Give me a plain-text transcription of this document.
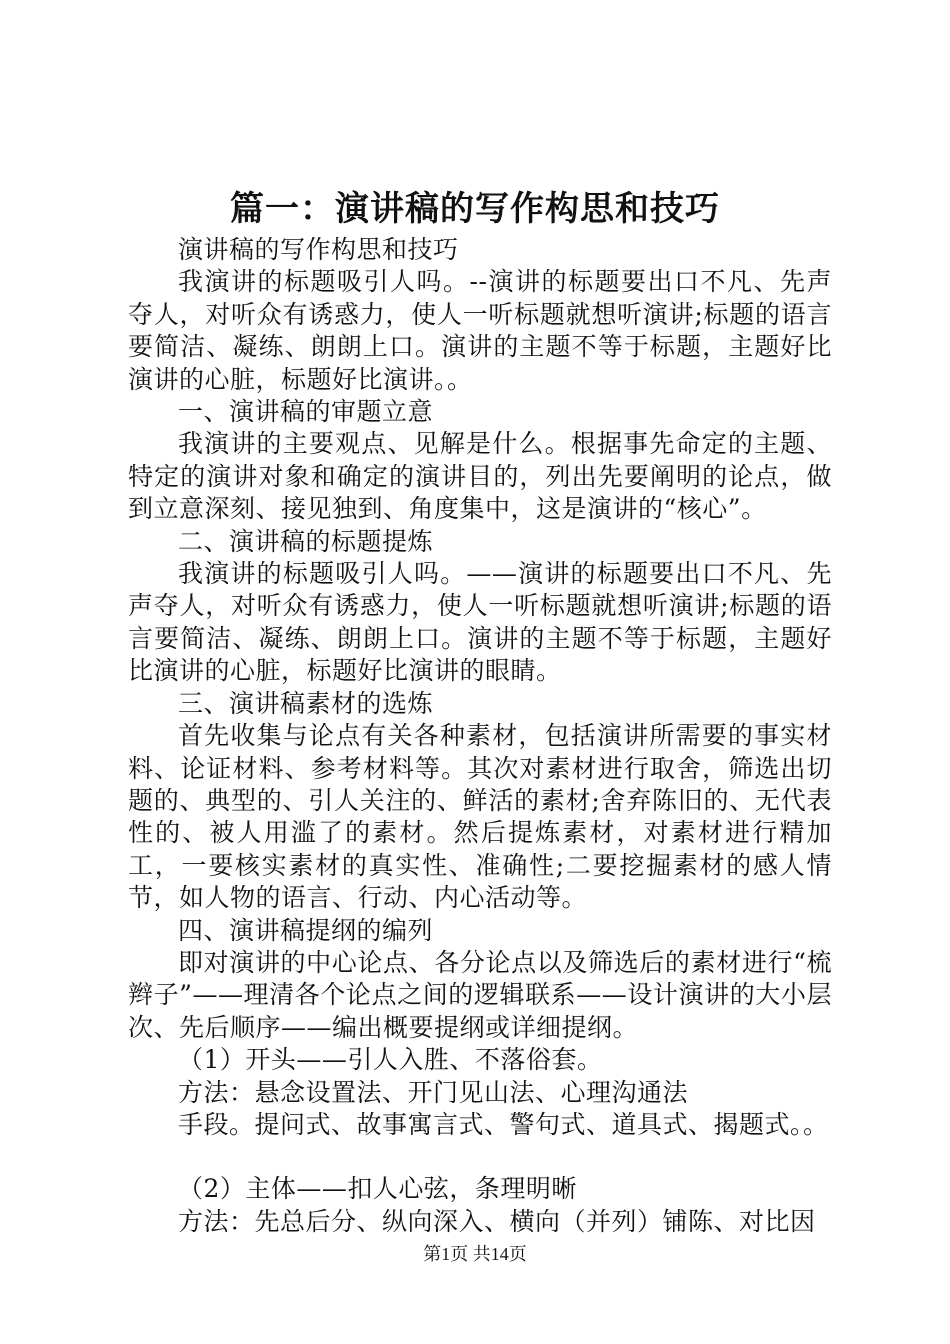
篇一：演讲稿的写作构思和技巧

演讲稿的写作构思和技巧

我演讲的标题吸引人吗。--演讲的标题要出口不凡、先声夺人，对听众有诱惑力，使人一听标题就想听演讲;标题的语言要简洁、凝练、朗朗上口。演讲的主题不等于标题，主题好比演讲的心脏，标题好比演讲。。

一、演讲稿的审题立意

我演讲的主要观点、见解是什么。根据事先命定的主题、特定的演讲对象和确定的演讲目的，列出先要阐明的论点，做到立意深刻、接见独到、角度集中，这是演讲的“核心”。

二、演讲稿的标题提炼

我演讲的标题吸引人吗。——演讲的标题要出口不凡、先声夺人，对听众有诱惑力，使人一听标题就想听演讲;标题的语言要简洁、凝练、朗朗上口。演讲的主题不等于标题，主题好比演讲的心脏，标题好比演讲的眼睛。

三、演讲稿素材的选炼

首先收集与论点有关各种素材，包括演讲所需要的事实材料、论证材料、参考材料等。其次对素材进行取舍，筛选出切题的、典型的、引人关注的、鲜活的素材;舍弃陈旧的、无代表性的、被人用滥了的素材。然后提炼素材，对素材进行精加工，一要核实素材的真实性、准确性;二要挖掘素材的感人情节，如人物的语言、行动、内心活动等。

四、演讲稿提纲的编列

即对演讲的中心论点、各分论点以及筛选后的素材进行“梳辫子”——理清各个论点之间的逻辑联系——设计演讲的大小层次、先后顺序——编出概要提纲或详细提纲。

（1）开头——引人入胜、不落俗套。

方法：悬念设置法、开门见山法、心理沟通法

手段。提问式、故事寓言式、警句式、道具式、揭题式。。

（2）主体——扣人心弦，条理明晰

方法：先总后分、纵向深入、横向（并列）铺陈、对比因

第1页 共14页
